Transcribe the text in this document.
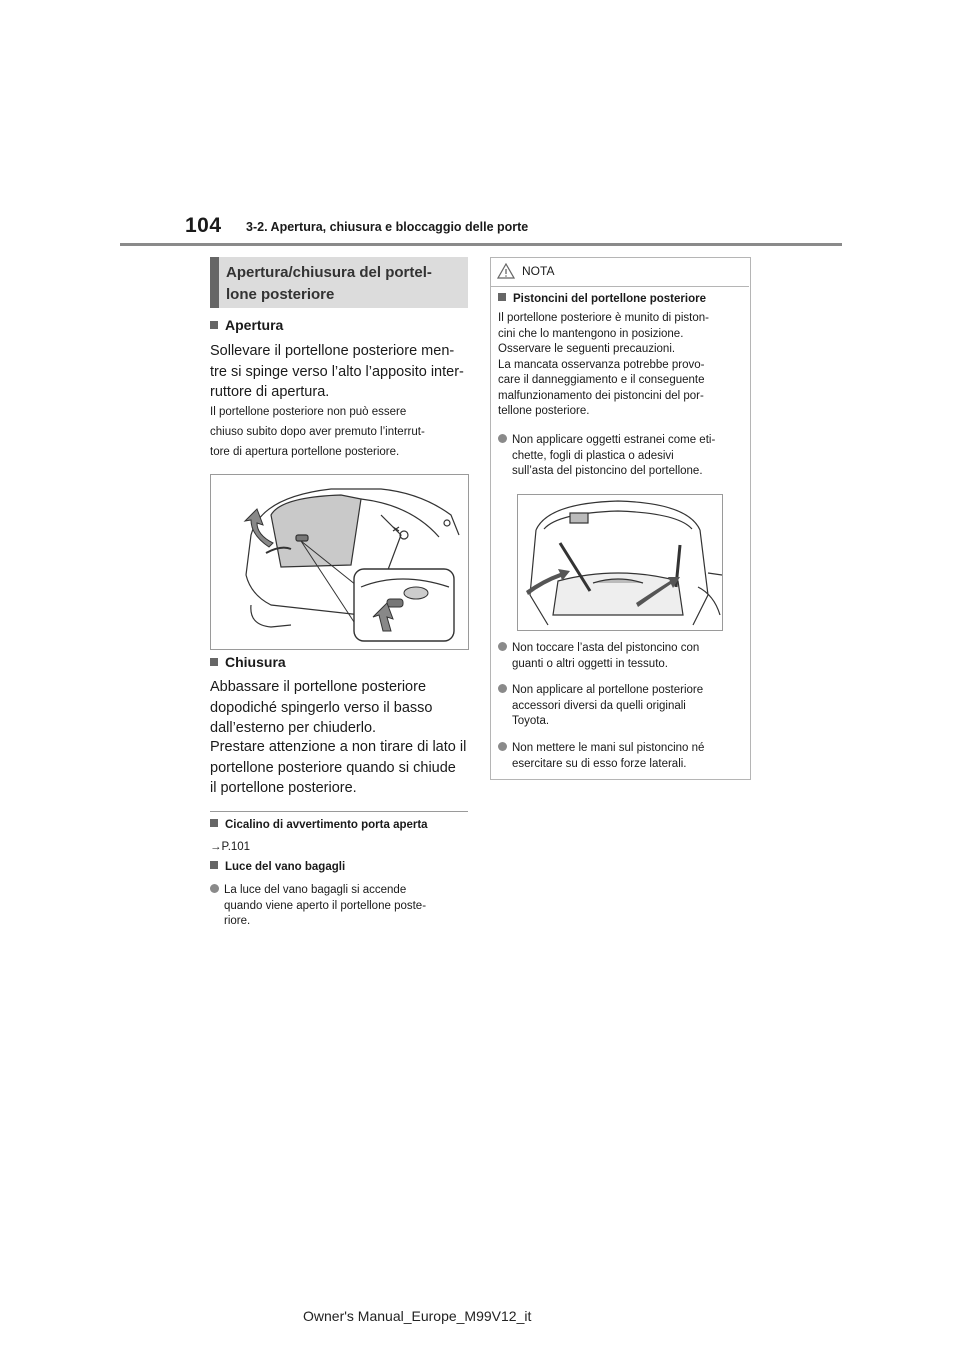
104 3-2. Apertura, chiusura e bloccaggio delle porte
Apertura/chiusura del portel-
lone posteriore
Apertura
Sollevare il portellone posteriore men-
tre si spinge verso l’alto l’apposito inter-
ruttore di apertura.
Il portellone posteriore non può essere
chiuso subito dopo aver premuto l’interrut-
tore di apertura portellone posteriore.
Chiusura
Abbassare il portellone posteriore
dopodiché spingerlo verso il basso
dall’esterno per chiuderlo.
Prestare attenzione a non tirare di lato il
portellone posteriore quando si chiude
il portellone posteriore.
Cicalino di avvertimento porta aperta
→P.101
Luce del vano bagagli
La luce del vano bagagli si accende
quando viene aperto il portellone poste-
riore.
NOTA
Pistoncini del portellone posteriore
Il portellone posteriore è munito di piston-
cini che lo mantengono in posizione.
Osservare le seguenti precauzioni.
La mancata osservanza potrebbe provo-
care il danneggiamento e il conseguente
malfunzionamento dei pistoncini del por-
tellone posteriore.
Non applicare oggetti estranei come eti-
chette, fogli di plastica o adesivi
sull’asta del pistoncino del portellone.
Non toccare l’asta del pistoncino con
guanti o altri oggetti in tessuto.
Non applicare al portellone posteriore
accessori diversi da quelli originali
Toyota.
Non mettere le mani sul pistoncino né
esercitare su di esso forze laterali.
Owner's Manual_Europe_M99V12_it
